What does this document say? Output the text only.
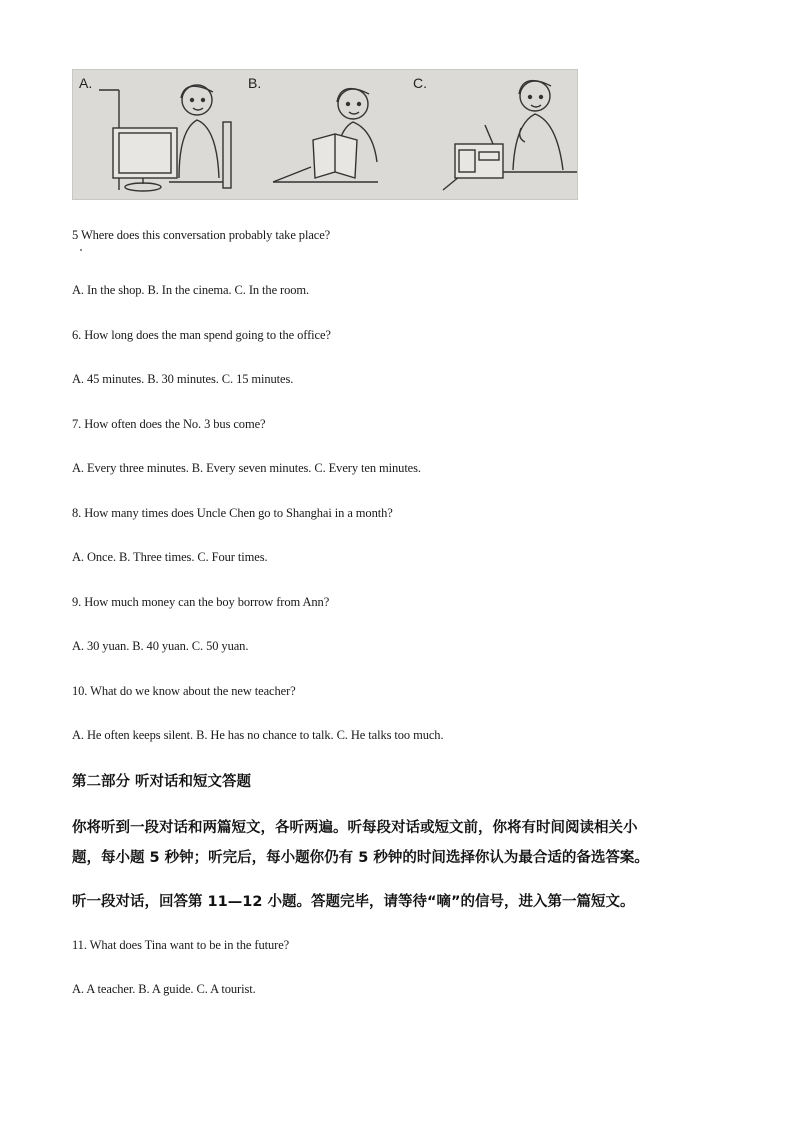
A.	B.	C.
5 Where does this conversation probably take place?
A. In the shop. B. In the cinema. C. In the room.
6. How long does the man spend going to the office?
A. 45 minutes. B. 30 minutes. C. 15 minutes.
7. How often does the No. 3 bus come?
A. Every three minutes. B. Every seven minutes. C. Every ten minutes.
8. How many times does Uncle Chen go to Shanghai in a month?
A. Once. B. Three times. C. Four times.
9. How much money can the boy borrow from Ann?
A. 30 yuan. B. 40 yuan. C. 50 yuan.
10. What do we know about the new teacher?
A. He often keeps silent. B. He has no chance to talk. C. He talks too much.
第二部分 听对话和短文答题
你将听到一段对话和两篇短文，各听两遍。听每段对话或短文前，你将有时间阅读相关小
题，每小题 5 秒钟；听完后，每小题你仍有 5 秒钟的时间选择你认为最合适的备选答案。
听一段对话，回答第 11—12 小题。答题完毕，请等待“嘀”的信号，进入第一篇短文。
11. What does Tina want to be in the future?
A. A teacher. B. A guide. C. A tourist.
